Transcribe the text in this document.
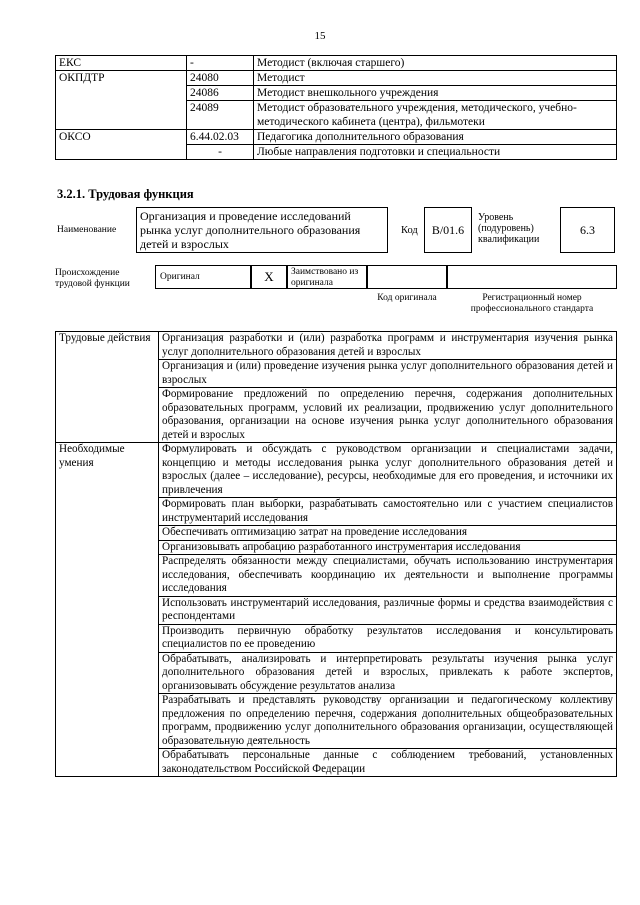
15
ЕКС	-	Методист (включая старшего)
ОКПДТР	24080	Методист
	24086	Методист внешкольного учреждения
	24089	Методист образовательного учреждения, методического, учебно-методического кабинета (центра), фильмотеки
ОКСО	6.44.02.03	Педагогика дополнительного образования
	-	Любые направления подготовки и специальности
3.2.1. Трудовая функция
Наименование
Организация и проведение исследований рынка услуг дополнительного образования детей и взрослых
Код	В/01.6
Уровень (подуровень) квалификации
6.3
Происхождение трудовой функции
Оригинал	X	Заимствовано из оригинала
Код оригинала	Регистрационный номер профессионального стандарта
Трудовые действия	Организация разработки и (или) разработка программ и инструментария изучения рынка услуг дополнительного образования детей и взрослых
	Организация и (или) проведение изучения рынка услуг дополнительного образования детей и взрослых
	Формирование предложений по определению перечня, содержания дополнительных образовательных программ, условий их реализации, продвижению услуг дополнительного образования, организации на основе изучения рынка услуг дополнительного образования детей и взрослых
Необходимые умения	Формулировать и обсуждать с руководством организации и специалистами задачи, концепцию и методы исследования рынка услуг дополнительного образования детей и взрослых (далее – исследование), ресурсы, необходимые для его проведения, и источники их привлечения
	Формировать план выборки, разрабатывать самостоятельно или с участием специалистов инструментарий исследования
	Обеспечивать оптимизацию затрат на проведение исследования
	Организовывать апробацию разработанного инструментария исследования
	Распределять обязанности между специалистами, обучать использованию инструментария исследования, обеспечивать координацию их деятельности и выполнение программы исследования
	Использовать инструментарий исследования, различные формы и средства взаимодействия с респондентами
	Производить первичную обработку результатов исследования и консультировать специалистов по ее проведению
	Обрабатывать, анализировать и интерпретировать результаты изучения рынка услуг дополнительного образования детей и взрослых, привлекать к работе экспертов, организовывать обсуждение результатов анализа
	Разрабатывать и представлять руководству организации и педагогическому коллективу предложения по определению перечня, содержания дополнительных общеобразовательных программ, продвижению услуг дополнительного образования организации, осуществляющей образовательную деятельность
	Обрабатывать персональные данные с соблюдением требований, установленных законодательством Российской Федерации
